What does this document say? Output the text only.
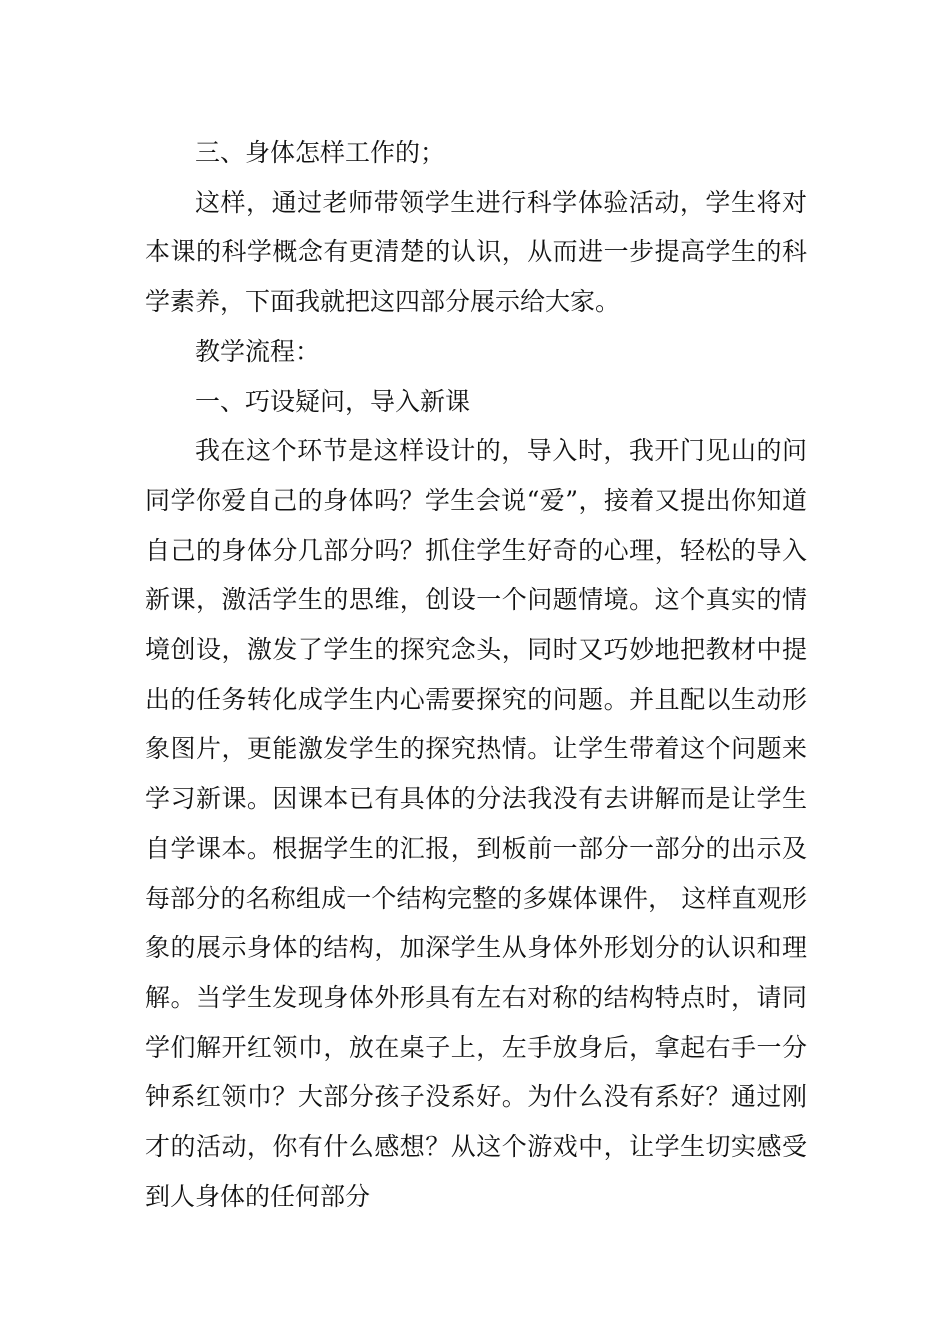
三、身体怎样工作的；

这样，通过老师带领学生进行科学体验活动，学生将对本课的科学概念有更清楚的认识，从而进一步提高学生的科学素养，下面我就把这四部分展示给大家。

教学流程：

一、巧设疑问，导入新课

我在这个环节是这样设计的，导入时，我开门见山的问同学你爱自己的身体吗？学生会说“爱”，接着又提出你知道自己的身体分几部分吗？抓住学生好奇的心理，轻松的导入新课，激活学生的思维，创设一个问题情境。这个真实的情境创设，激发了学生的探究念头，同时又巧妙地把教材中提出的任务转化成学生内心需要探究的问题。并且配以生动形象图片，更能激发学生的探究热情。让学生带着这个问题来学习新课。因课本已有具体的分法我没有去讲解而是让学生自学课本。根据学生的汇报，到板前一部分一部分的出示及每部分的名称组成一个结构完整的多媒体课件， 这样直观形象的展示身体的结构，加深学生从身体外形划分的认识和理解。当学生发现身体外形具有左右对称的结构特点时，请同学们解开红领巾，放在桌子上，左手放身后，拿起右手一分钟系红领巾？大部分孩子没系好。为什么没有系好？通过刚才的活动，你有什么感想？从这个游戏中，让学生切实感受到人身体的任何部分
